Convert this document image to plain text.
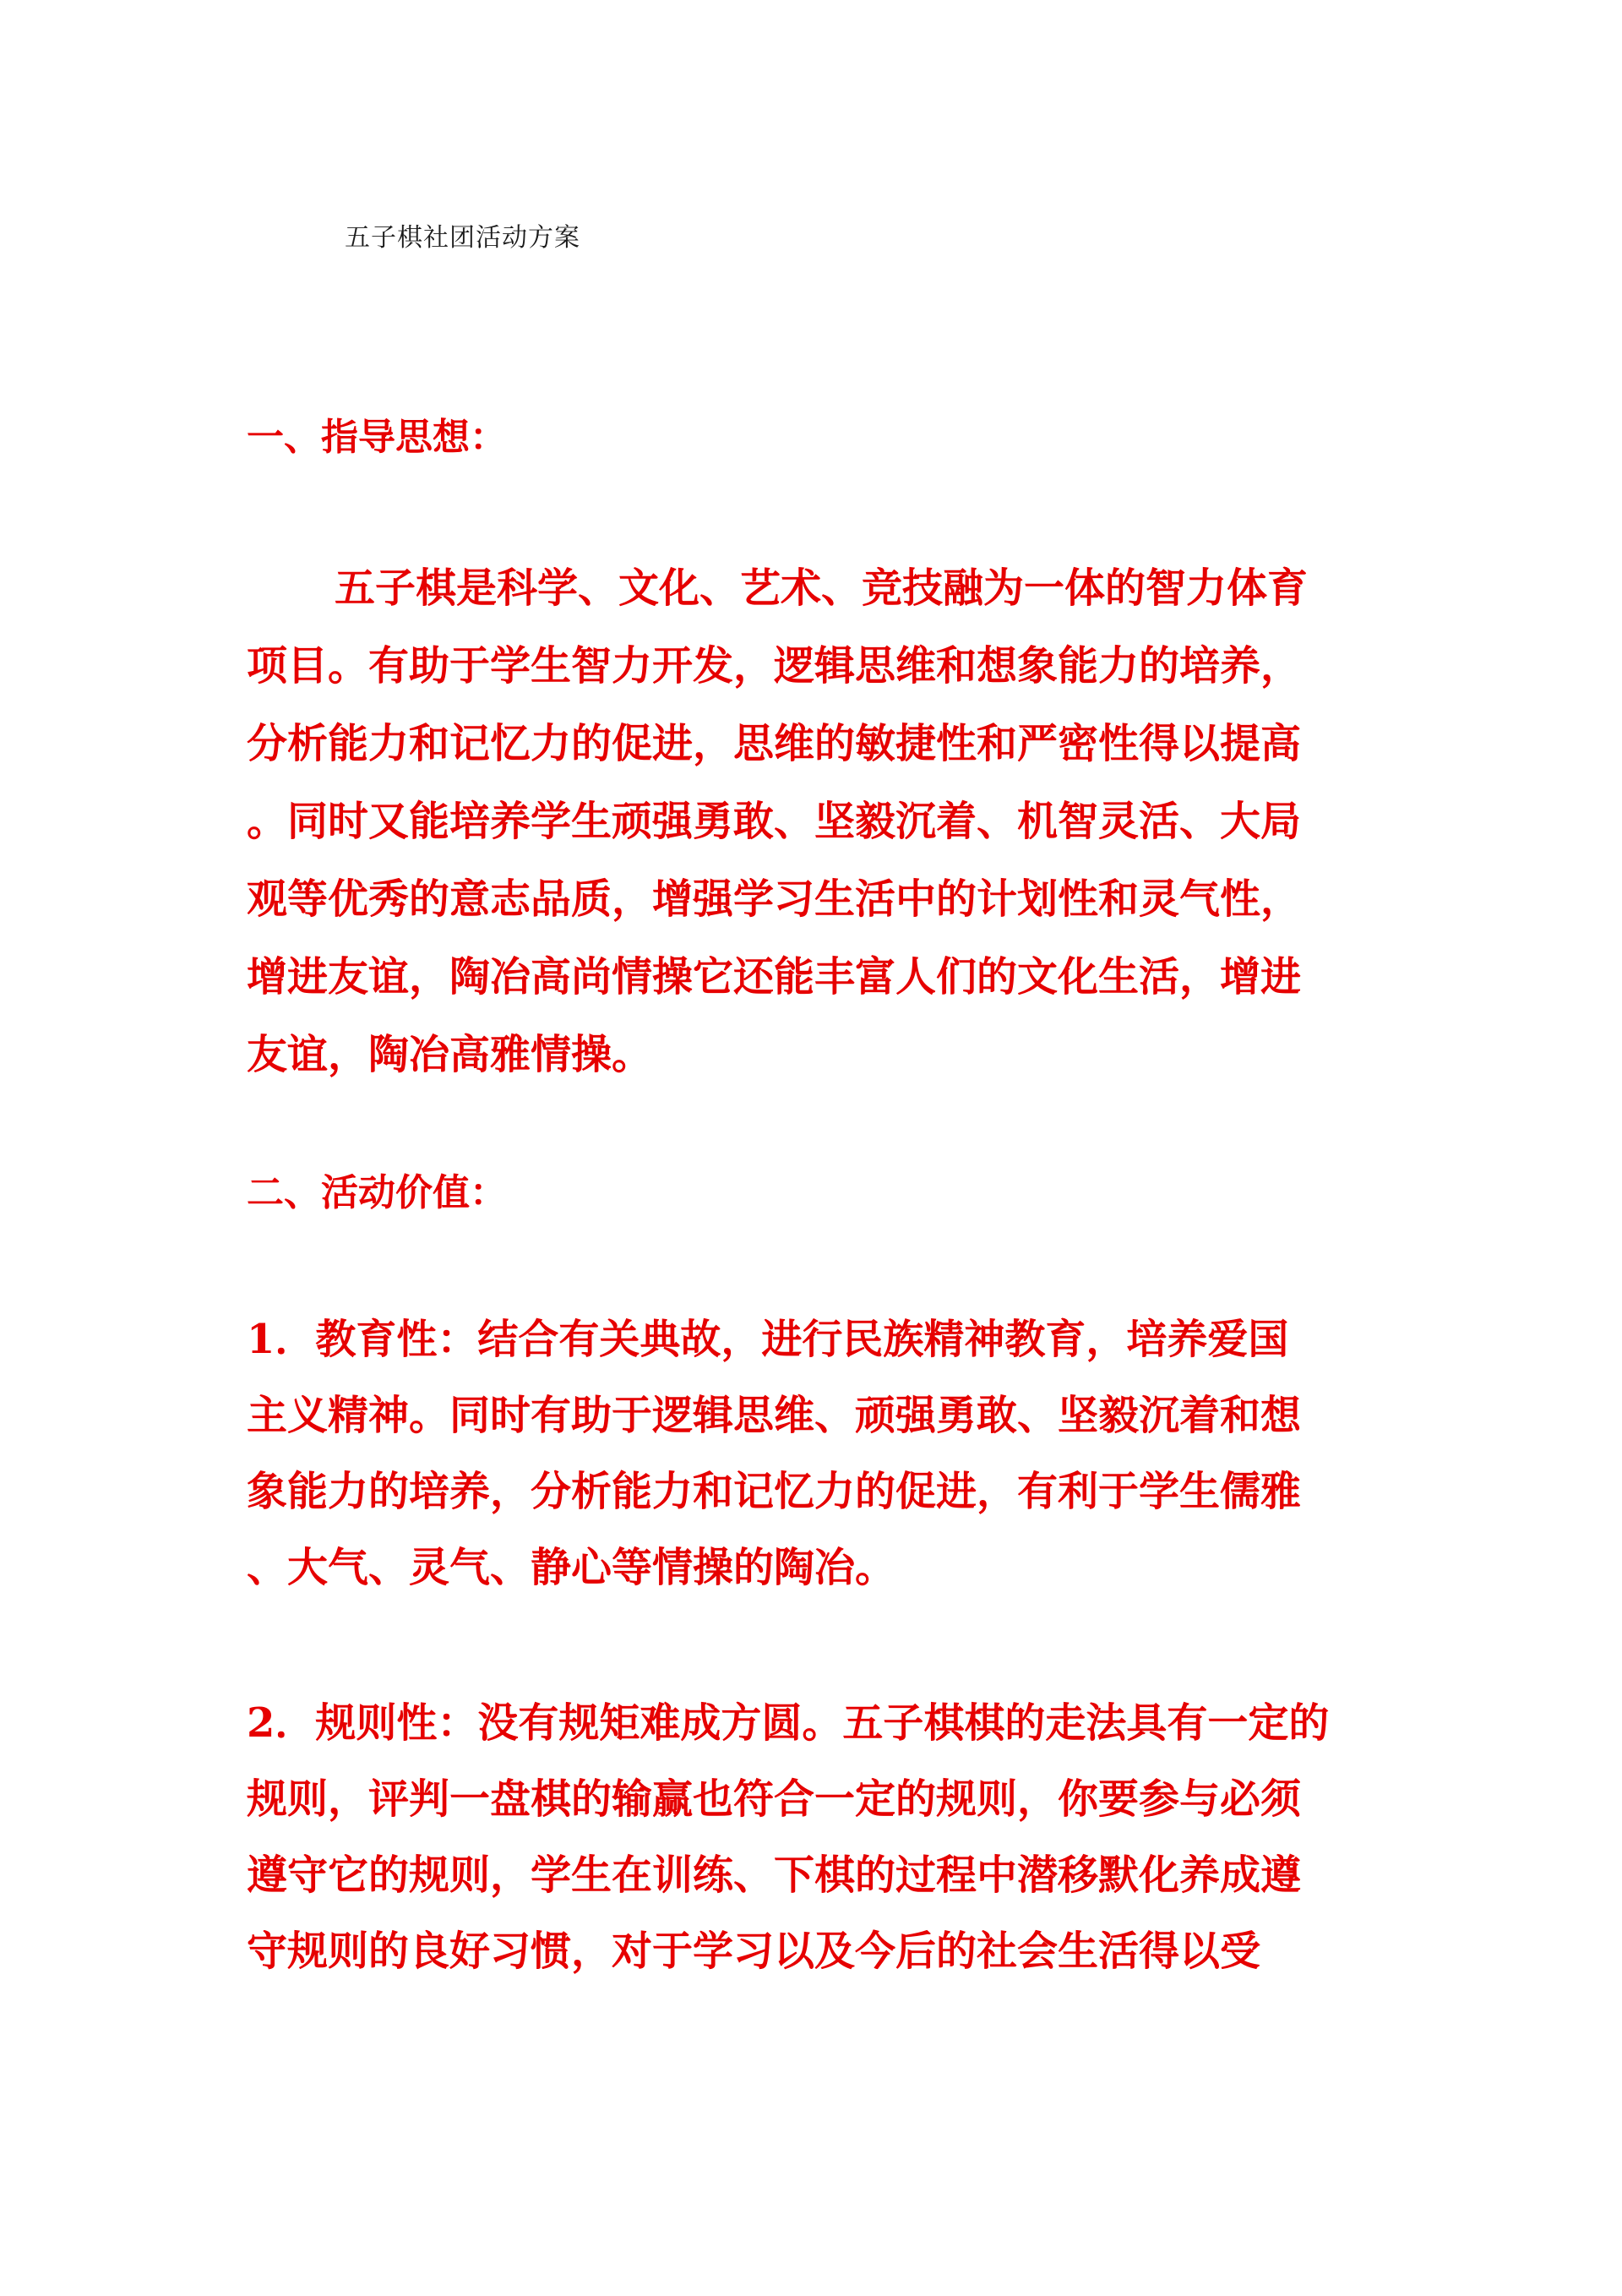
五子棋社团活动方案
一、指导思想：
五子棋是科学、文化、艺术、竞技融为一体的智力体育
项目。有助于学生智力开发，逻辑思维和想象能力的培养，
分析能力和记忆力的促进，思维的敏捷性和严密性得以提高
。同时又能培养学生顽强勇敢、坚毅沉着、机智灵活、大局
观等优秀的意志品质，增强学习生活中的计划性和灵气性，
增进友谊，陶冶高尚情操它还能丰富人们的文化生活，增进
友谊，陶冶高雅情操。
二、活动价值：
1．教育性：结合有关典故，进行民族精神教育，培养爱国
主义精神。同时有助于逻辑思维、顽强勇敢、坚毅沉着和想
象能力的培养，分析能力和记忆力的促进，有利于学生儒雅
、大气、灵气、静心等情操的陶冶。
2．规则性：没有规矩难成方圆。五子棋棋的走法具有一定的
规则，评判一盘棋的输赢也符合一定的规则，你要参与必须
遵守它的规则，学生在训练、下棋的过程中潜移默化养成遵
守规则的良好习惯，对于学习以及今后的社会生活得以受
